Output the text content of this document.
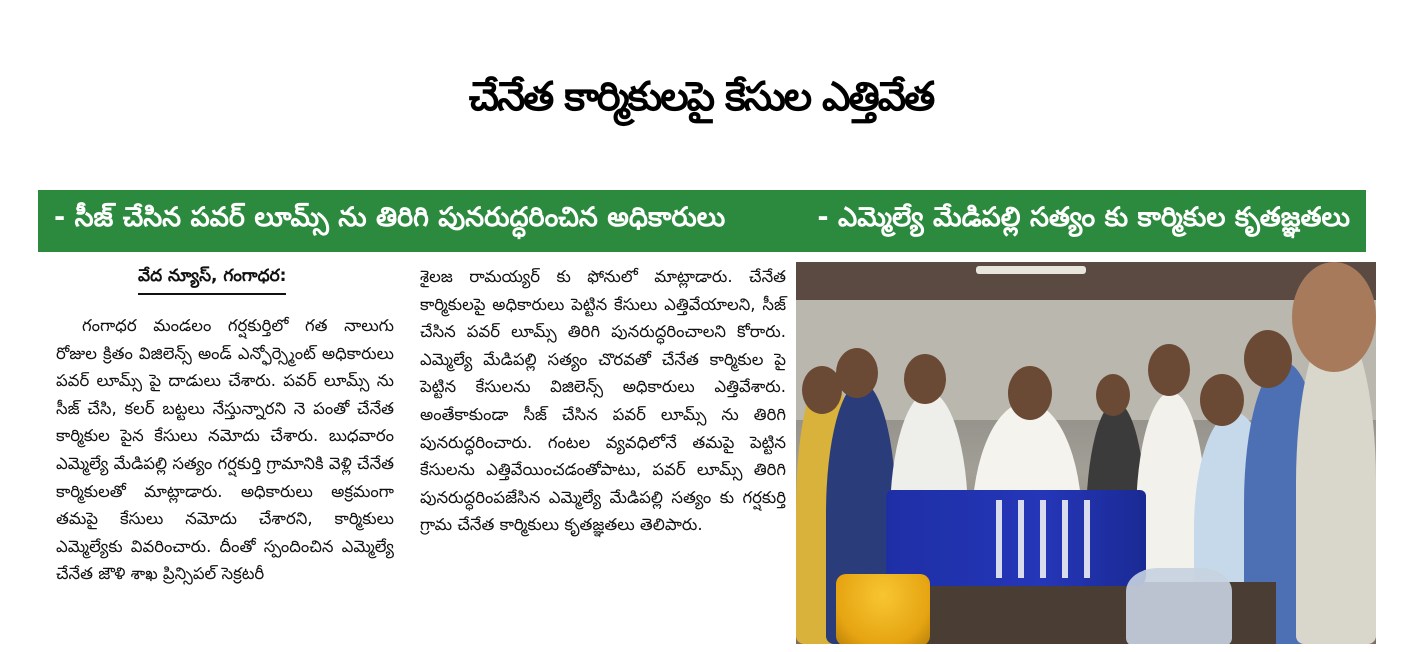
చేనేత కార్మికులపై కేసుల ఎత్తివేత
- సీజ్ చేసిన పవర్ లూమ్స్ ను తిరిగి పునరుద్ధరించిన అధికారులు	- ఎమ్మెల్యే మేడిపల్లి సత్యం కు కార్మికుల కృతజ్ఞతలు
వేద న్యూస్, గంగాధర:
గంగాధర మండలం గర్షకుర్తిలో గత నాలుగు రోజుల క్రితం విజిలెన్స్ అండ్ ఎన్ఫోర్స్మెంట్ అధికారులు పవర్ లూమ్స్ పై దాడులు చేశారు. పవర్ లూమ్స్ ను సీజ్ చేసి, కలర్ బట్టలు నేస్తున్నారని నె పంతో చేనేత కార్మికుల పైన కేసులు నమోదు చేశారు. బుధవారం ఎమ్మెల్యే మేడిపల్లి సత్యం గర్షకుర్తి గ్రామానికి వెళ్లి చేనేత కార్మికులతో మాట్లాడారు. అధికారులు అక్రమంగా తమపై కేసులు నమోదు చేశారని, కార్మికులు ఎమ్మెల్యేకు వివరించారు. దీంతో స్పందించిన ఎమ్మెల్యే చేనేత జౌళి శాఖ ప్రిన్సిపల్ సెక్రటరీ
శైలజ రామయ్యర్ కు ఫోనులో మాట్లాడారు. చేనేత కార్మికులపై అధికారులు పెట్టిన కేసులు ఎత్తివేయాలని, సీజ్ చేసిన పవర్ లూమ్స్ తిరిగి పునరుద్ధరించాలని కోరారు. ఎమ్మెల్యే మేడిపల్లి సత్యం చొరవతో చేనేత కార్మికుల పై పెట్టిన కేసులను విజిలెన్స్ అధికారులు ఎత్తివేశారు. అంతేకాకుండా సీజ్ చేసిన పవర్ లూమ్స్ ను తిరిగి పునరుద్ధరించారు. గంటల వ్యవధిలోనే తమపై పెట్టిన కేసులను ఎత్తివేయించడంతోపాటు, పవర్ లూమ్స్ తిరిగి పునరుద్ధరింపజేసిన ఎమ్మెల్యే మేడిపల్లి సత్యం కు గర్షకుర్తి గ్రామ చేనేత కార్మికులు కృతజ్ఞతలు తెలిపారు.
